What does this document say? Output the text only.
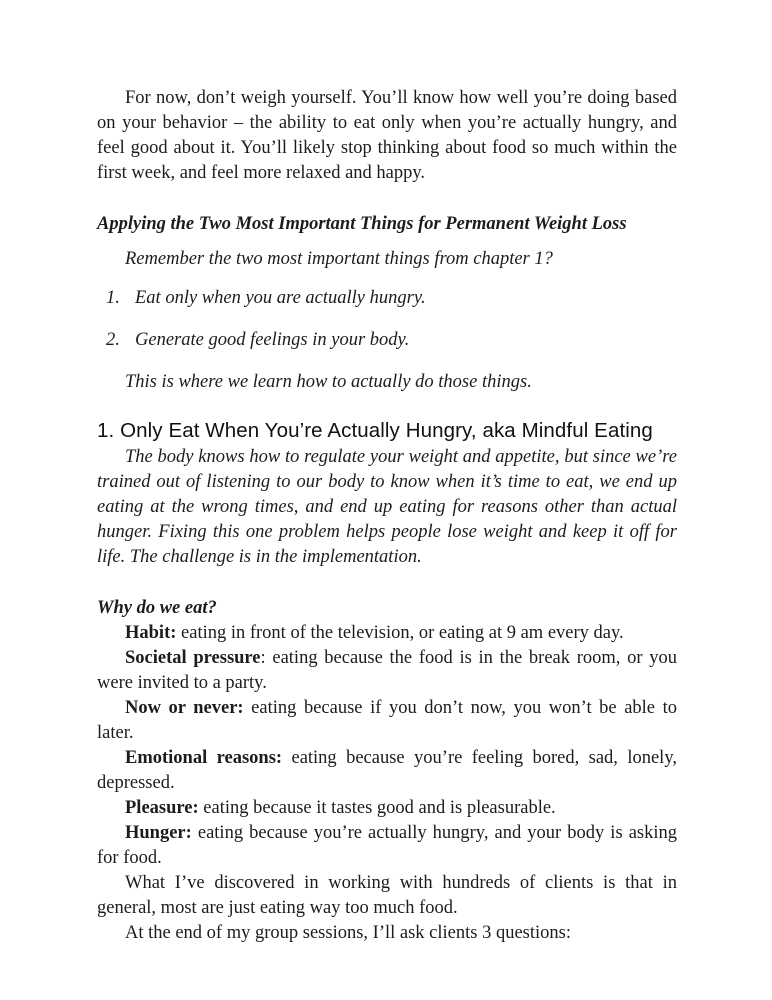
For now, don’t weigh yourself. You’ll know how well you’re doing based on your behavior – the ability to eat only when you’re actually hungry, and feel good about it. You’ll likely stop thinking about food so much within the first week, and feel more relaxed and happy.

Applying the Two Most Important Things for Permanent Weight Loss

Remember the two most important things from chapter 1?

1. Eat only when you are actually hungry.
2. Generate good feelings in your body.

This is where we learn how to actually do those things.

1. Only Eat When You’re Actually Hungry, aka Mindful Eating

The body knows how to regulate your weight and appetite, but since we’re trained out of listening to our body to know when it’s time to eat, we end up eating at the wrong times, and end up eating for reasons other than actual hunger. Fixing this one problem helps people lose weight and keep it off for life. The challenge is in the implementation.

Why do we eat?

Habit: eating in front of the television, or eating at 9 am every day.

Societal pressure: eating because the food is in the break room, or you were invited to a party.

Now or never: eating because if you don’t now, you won’t be able to later.

Emotional reasons: eating because you’re feeling bored, sad, lonely, depressed.

Pleasure: eating because it tastes good and is pleasurable.

Hunger: eating because you’re actually hungry, and your body is asking for food.

What I’ve discovered in working with hundreds of clients is that in general, most are just eating way too much food.

At the end of my group sessions, I’ll ask clients 3 questions:
